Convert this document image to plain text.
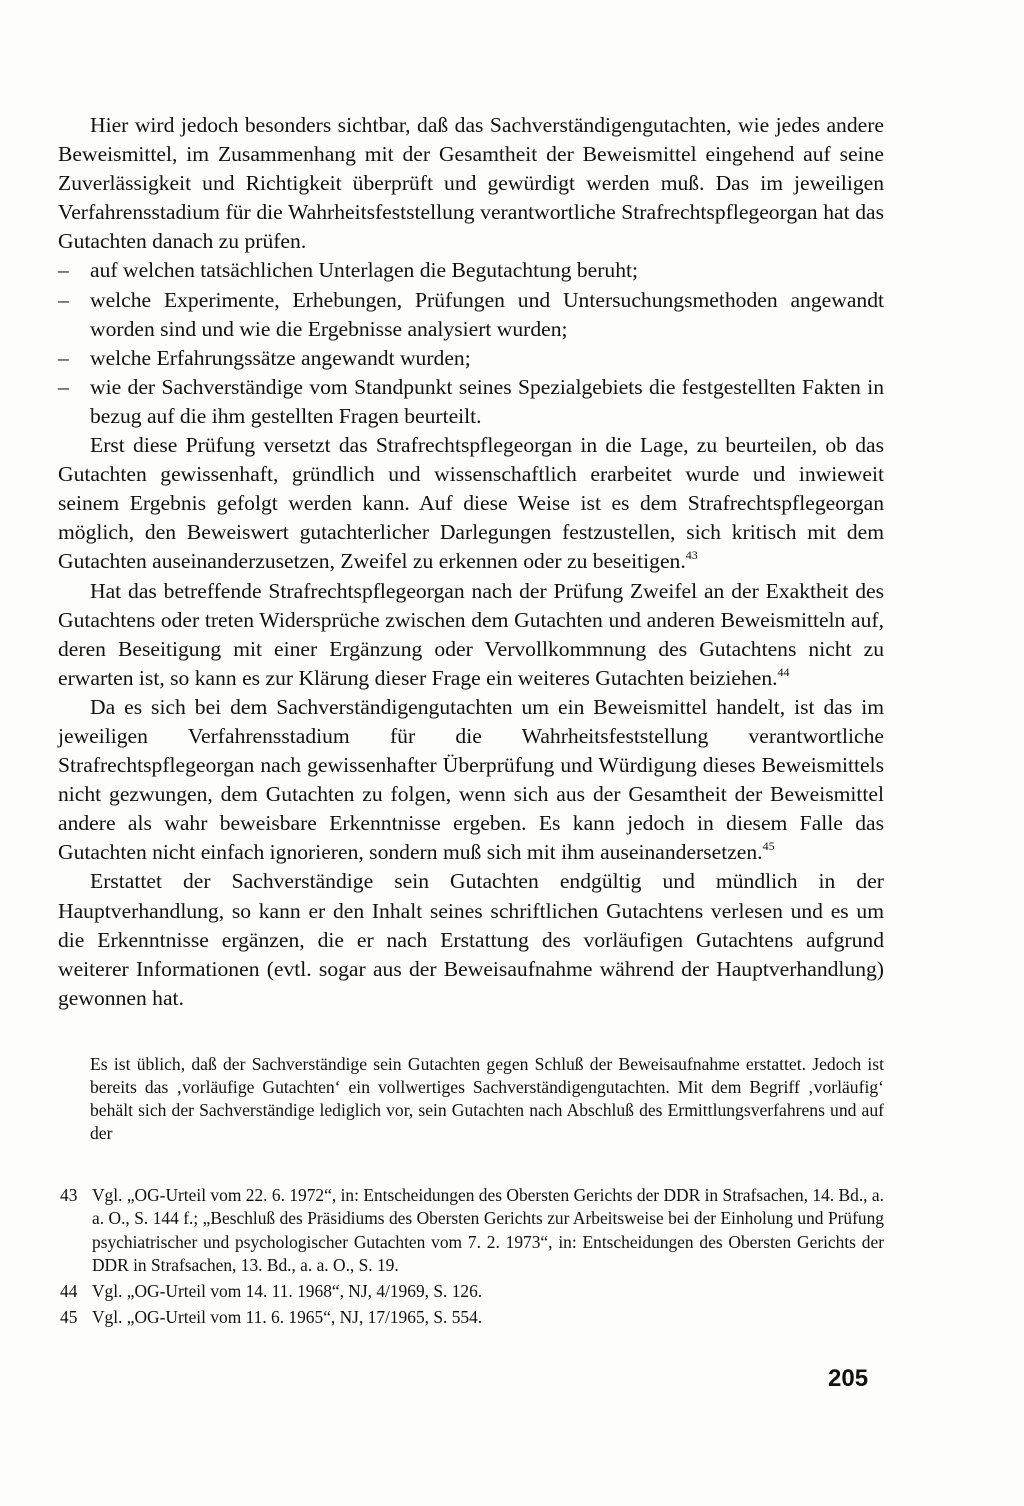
Hier wird jedoch besonders sichtbar, daß das Sachverständigengutachten, wie jedes andere Beweismittel, im Zusammenhang mit der Gesamtheit der Beweismittel eingehend auf seine Zuverlässigkeit und Richtigkeit überprüft und gewürdigt werden muß. Das im jeweiligen Verfahrensstadium für die Wahrheitsfeststellung verantwortliche Strafrechtspflegeorgan hat das Gutachten danach zu prüfen.

– auf welchen tatsächlichen Unterlagen die Begutachtung beruht;
– welche Experimente, Erhebungen, Prüfungen und Untersuchungsmethoden angewandt worden sind und wie die Ergebnisse analysiert wurden;
– welche Erfahrungssätze angewandt wurden;
– wie der Sachverständige vom Standpunkt seines Spezialgebiets die festgestellten Fakten in bezug auf die ihm gestellten Fragen beurteilt.

Erst diese Prüfung versetzt das Strafrechtspflegeorgan in die Lage, zu beurteilen, ob das Gutachten gewissenhaft, gründlich und wissenschaftlich erarbeitet wurde und inwieweit seinem Ergebnis gefolgt werden kann. Auf diese Weise ist es dem Strafrechtspflegeorgan möglich, den Beweiswert gutachterlicher Darlegungen festzustellen, sich kritisch mit dem Gutachten auseinanderzusetzen, Zweifel zu erkennen oder zu beseitigen.$^{43}$

Hat das betreffende Strafrechtspflegeorgan nach der Prüfung Zweifel an der Exaktheit des Gutachtens oder treten Widersprüche zwischen dem Gutachten und anderen Beweismitteln auf, deren Beseitigung mit einer Ergänzung oder Vervollkommnung des Gutachtens nicht zu erwarten ist, so kann es zur Klärung dieser Frage ein weiteres Gutachten beiziehen.$^{44}$

Da es sich bei dem Sachverständigengutachten um ein Beweismittel handelt, ist das im jeweiligen Verfahrensstadium für die Wahrheitsfeststellung verantwortliche Strafrechtspflegeorgan nach gewissenhafter Überprüfung und Würdigung dieses Beweismittels nicht gezwungen, dem Gutachten zu folgen, wenn sich aus der Gesamtheit der Beweismittel andere als wahr beweisbare Erkenntnisse ergeben. Es kann jedoch in diesem Falle das Gutachten nicht einfach ignorieren, sondern muß sich mit ihm auseinandersetzen.$^{45}$

Erstattet der Sachverständige sein Gutachten endgültig und mündlich in der Hauptverhandlung, so kann er den Inhalt seines schriftlichen Gutachtens verlesen und es um die Erkenntnisse ergänzen, die er nach Erstattung des vorläufigen Gutachtens aufgrund weiterer Informationen (evtl. sogar aus der Beweisaufnahme während der Hauptverhandlung) gewonnen hat.

Es ist üblich, daß der Sachverständige sein Gutachten gegen Schluß der Beweisaufnahme erstattet. Jedoch ist bereits das ‚vorläufige Gutachten‘ ein vollwertiges Sachverständigengutachten. Mit dem Begriff ‚vorläufig‘ behält sich der Sachverständige lediglich vor, sein Gutachten nach Abschluß des Ermittlungsverfahrens und auf der

43 Vgl. „OG-Urteil vom 22. 6. 1972“, in: Entscheidungen des Obersten Gerichts der DDR in Strafsachen, 14. Bd., a. a. O., S. 144 f.; „Beschluß des Präsidiums des Obersten Gerichts zur Arbeitsweise bei der Einholung und Prüfung psychiatrischer und psychologischer Gutachten vom 7. 2. 1973“, in: Entscheidungen des Obersten Gerichts der DDR in Strafsachen, 13. Bd., a. a. O., S. 19.

44 Vgl. „OG-Urteil vom 14. 11. 1968“, NJ, 4/1969, S. 126.

45 Vgl. „OG-Urteil vom 11. 6. 1965“, NJ, 17/1965, S. 554.

205
